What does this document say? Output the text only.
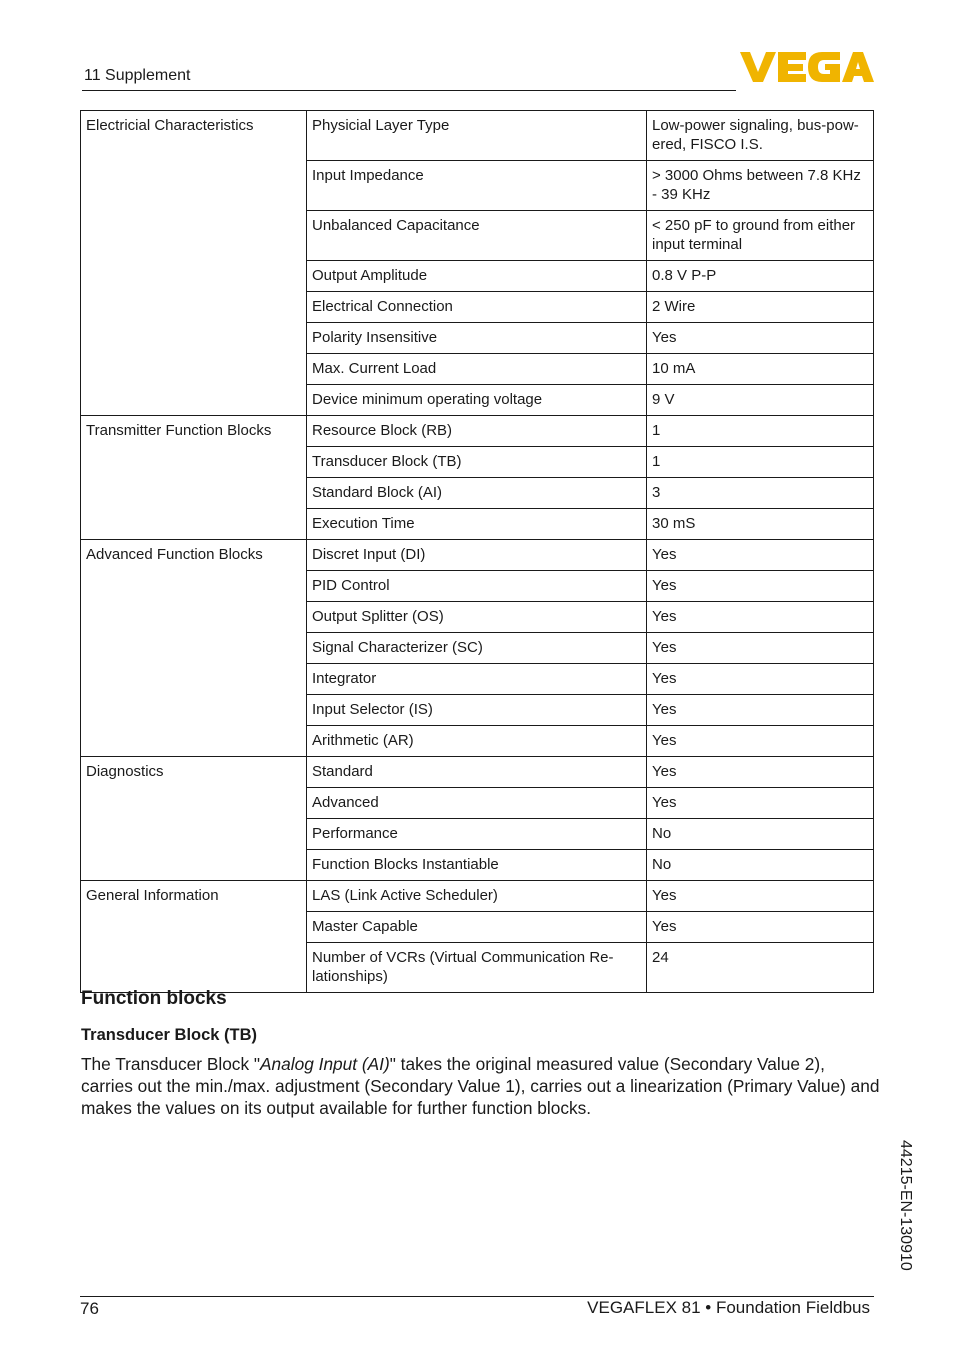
11 Supplement
Electricial Characteristics	Physicial Layer Type	Low-power signaling, bus-pow-ered, FISCO I.S.
	Input Impedance	> 3000 Ohms between 7.8 KHz - 39 KHz
	Unbalanced Capacitance	< 250 pF to ground from either input terminal
	Output Amplitude	0.8 V P-P
	Electrical Connection	2 Wire
	Polarity Insensitive	Yes
	Max. Current Load	10 mA
	Device minimum operating voltage	9 V
Transmitter Function Blocks	Resource Block (RB)	1
	Transducer Block (TB)	1
	Standard Block (AI)	3
	Execution Time	30 mS
Advanced Function Blocks	Discret Input (DI)	Yes
	PID Control	Yes
	Output Splitter (OS)	Yes
	Signal Characterizer (SC)	Yes
	Integrator	Yes
	Input Selector (IS)	Yes
	Arithmetic (AR)	Yes
Diagnostics	Standard	Yes
	Advanced	Yes
	Performance	No
	Function Blocks Instantiable	No
General Information	LAS (Link Active Scheduler)	Yes
	Master Capable	Yes
	Number of VCRs (Virtual Communication Re-lationships)	24
Function blocks
Transducer Block (TB)
The Transducer Block "Analog Input (AI)" takes the original measured value (Secondary Value 2), carries out the min./max. adjustment (Secondary Value 1), carries out a linearization (Primary Value) and makes the values on its output available for further function blocks.
44215-EN-130910
76	VEGAFLEX 81 • Foundation Fieldbus
